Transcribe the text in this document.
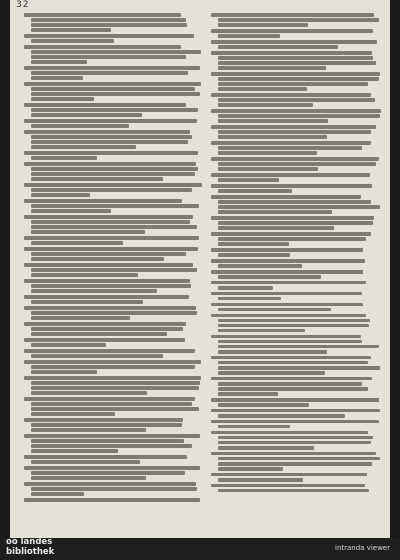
32
oö landes
bibliothek	intranda viewer
